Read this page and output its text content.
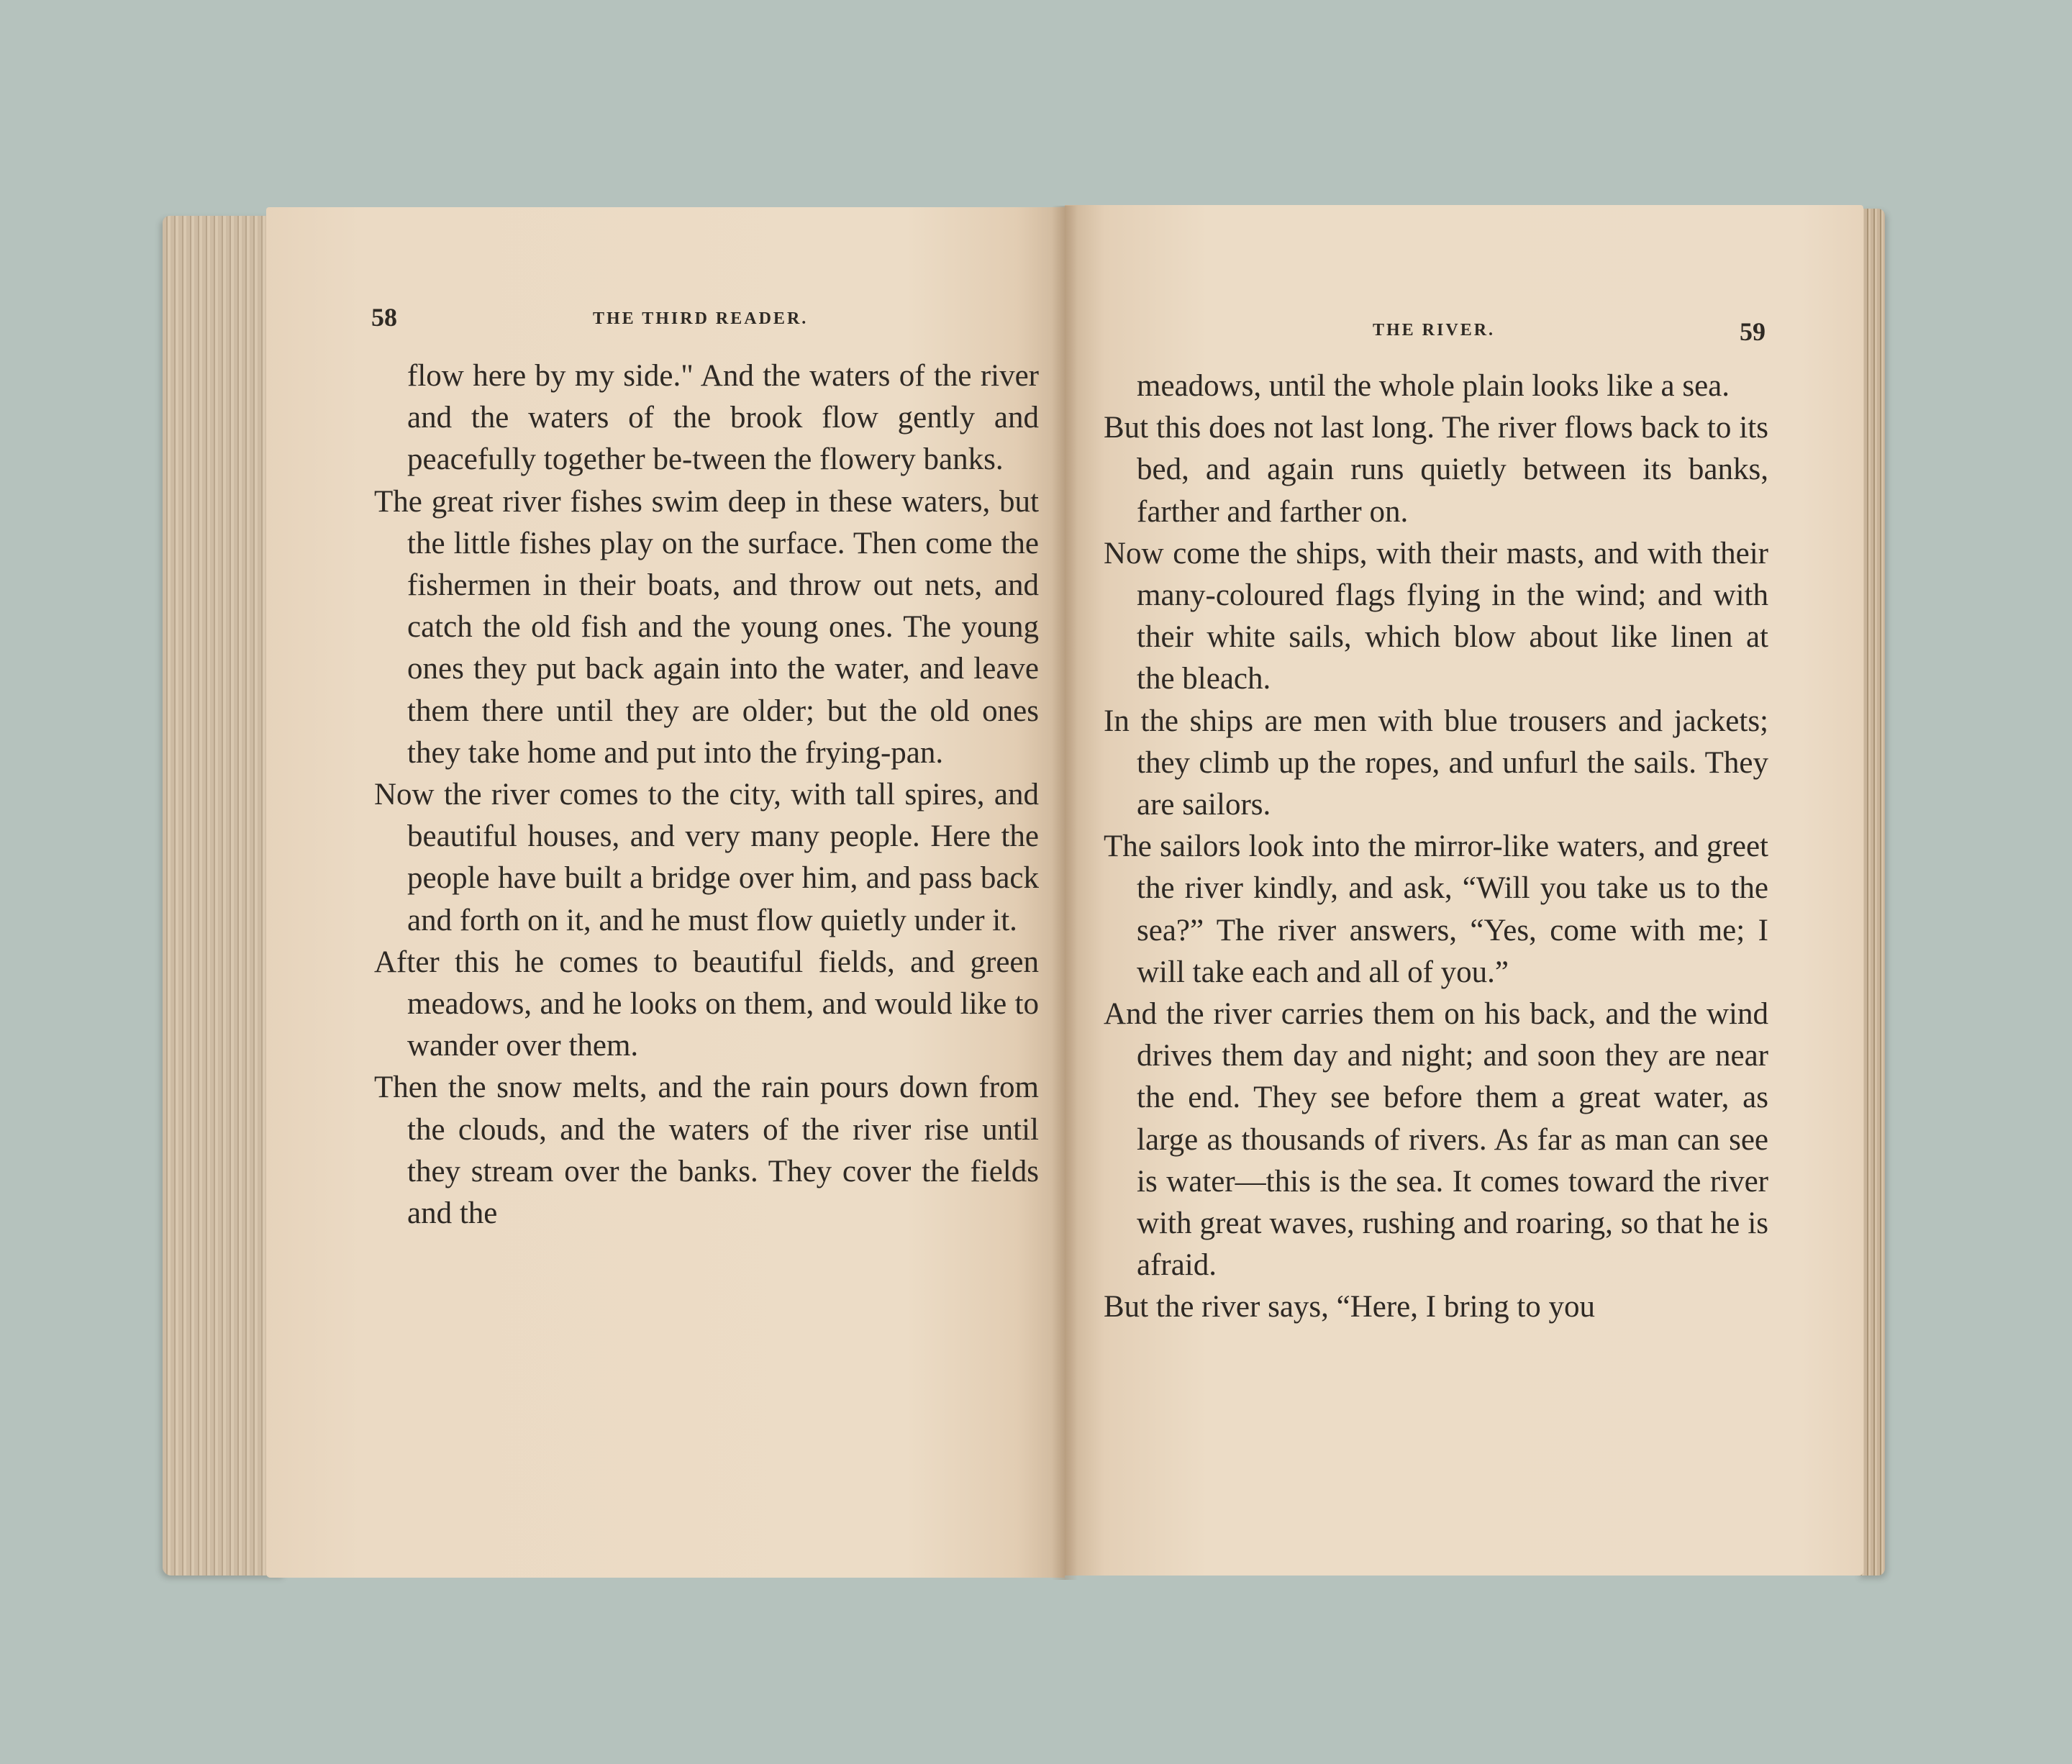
58	THE THIRD READER.
THE RIVER.	59

flow here by my side." And the waters of the river and the waters of the brook flow gently and peacefully together be-tween the flowery banks.

The great river fishes swim deep in these waters, but the little fishes play on the surface. Then come the fishermen in their boats, and throw out nets, and catch the old fish and the young ones. The young ones they put back again into the water, and leave them there until they are older; but the old ones they take home and put into the frying-pan.

Now the river comes to the city, with tall spires, and beautiful houses, and very many people. Here the people have built a bridge over him, and pass back and forth on it, and he must flow quietly under it.

After this he comes to beautiful fields, and green meadows, and he looks on them, and would like to wander over them.

Then the snow melts, and the rain pours down from the clouds, and the waters of the river rise until they stream over the banks. They cover the fields and the

meadows, until the whole plain looks like a sea.

But this does not last long. The river flows back to its bed, and again runs quietly between its banks, farther and farther on.

Now come the ships, with their masts, and with their many-coloured flags flying in the wind; and with their white sails, which blow about like linen at the bleach.

In the ships are men with blue trousers and jackets; they climb up the ropes, and unfurl the sails. They are sailors.

The sailors look into the mirror-like waters, and greet the river kindly, and ask, “Will you take us to the sea?” The river answers, “Yes, come with me; I will take each and all of you.”

And the river carries them on his back, and the wind drives them day and night; and soon they are near the end. They see before them a great water, as large as thousands of rivers. As far as man can see is water—this is the sea. It comes toward the river with great waves, rushing and roaring, so that he is afraid.

But the river says, “Here, I bring to you
